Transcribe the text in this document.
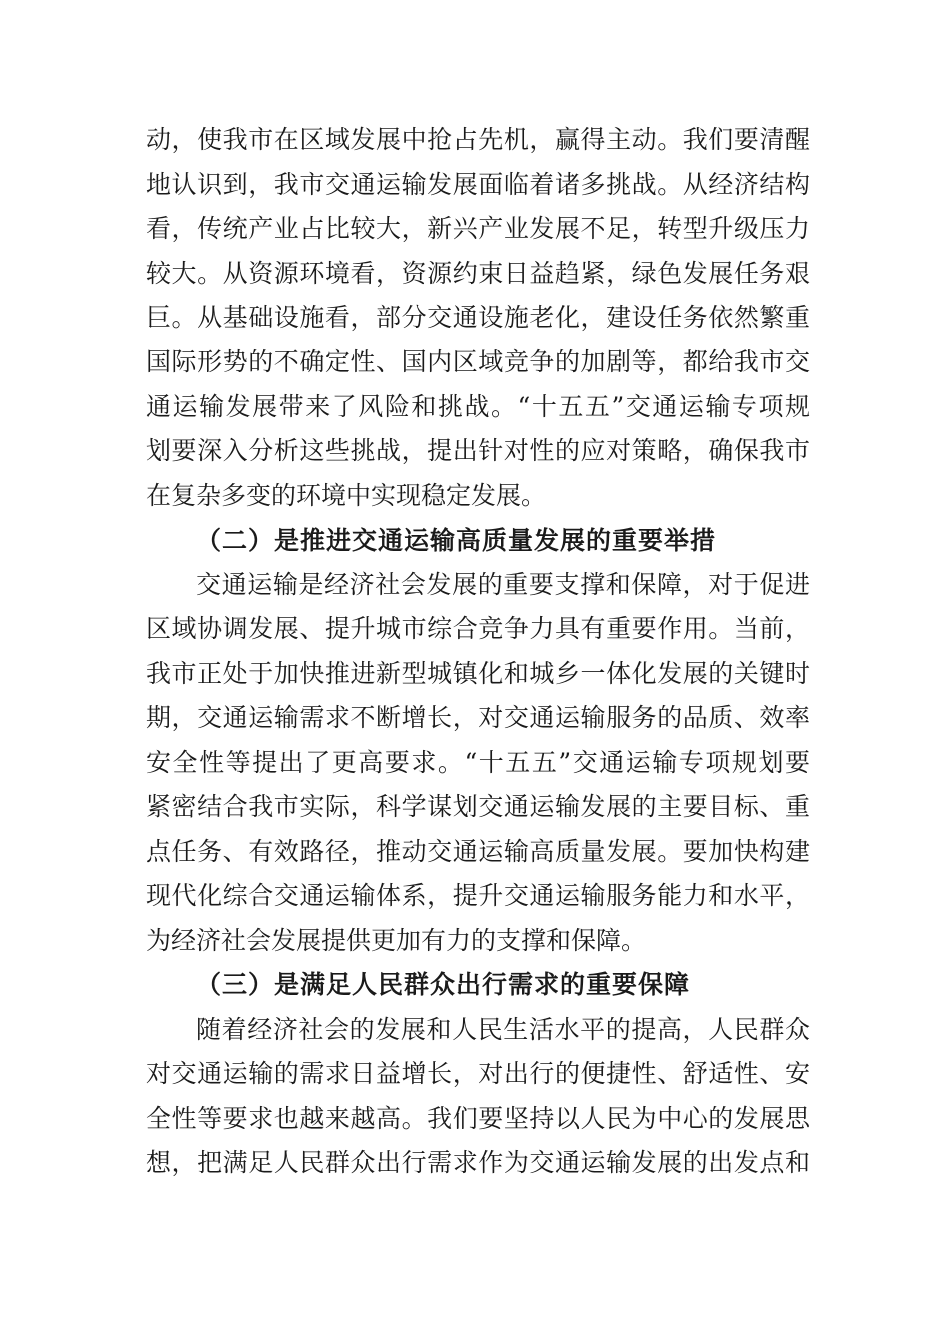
动，使我市在区域发展中抢占先机，赢得主动。我们要清醒
地认识到，我市交通运输发展面临着诸多挑战。从经济结构
看，传统产业占比较大，新兴产业发展不足，转型升级压力
较大。从资源环境看，资源约束日益趋紧，绿色发展任务艰
巨。从基础设施看，部分交通设施老化，建设任务依然繁重
国际形势的不确定性、国内区域竞争的加剧等，都给我市交
通运输发展带来了风险和挑战。“十五五”交通运输专项规
划要深入分析这些挑战，提出针对性的应对策略，确保我市
在复杂多变的环境中实现稳定发展。
（二）是推进交通运输高质量发展的重要举措
交通运输是经济社会发展的重要支撑和保障，对于促进
区域协调发展、提升城市综合竞争力具有重要作用。当前，
我市正处于加快推进新型城镇化和城乡一体化发展的关键时
期，交通运输需求不断增长，对交通运输服务的品质、效率
安全性等提出了更高要求。“十五五”交通运输专项规划要
紧密结合我市实际，科学谋划交通运输发展的主要目标、重
点任务、有效路径，推动交通运输高质量发展。要加快构建
现代化综合交通运输体系，提升交通运输服务能力和水平，
为经济社会发展提供更加有力的支撑和保障。
（三）是满足人民群众出行需求的重要保障
随着经济社会的发展和人民生活水平的提高，人民群众
对交通运输的需求日益增长，对出行的便捷性、舒适性、安
全性等要求也越来越高。我们要坚持以人民为中心的发展思
想，把满足人民群众出行需求作为交通运输发展的出发点和
